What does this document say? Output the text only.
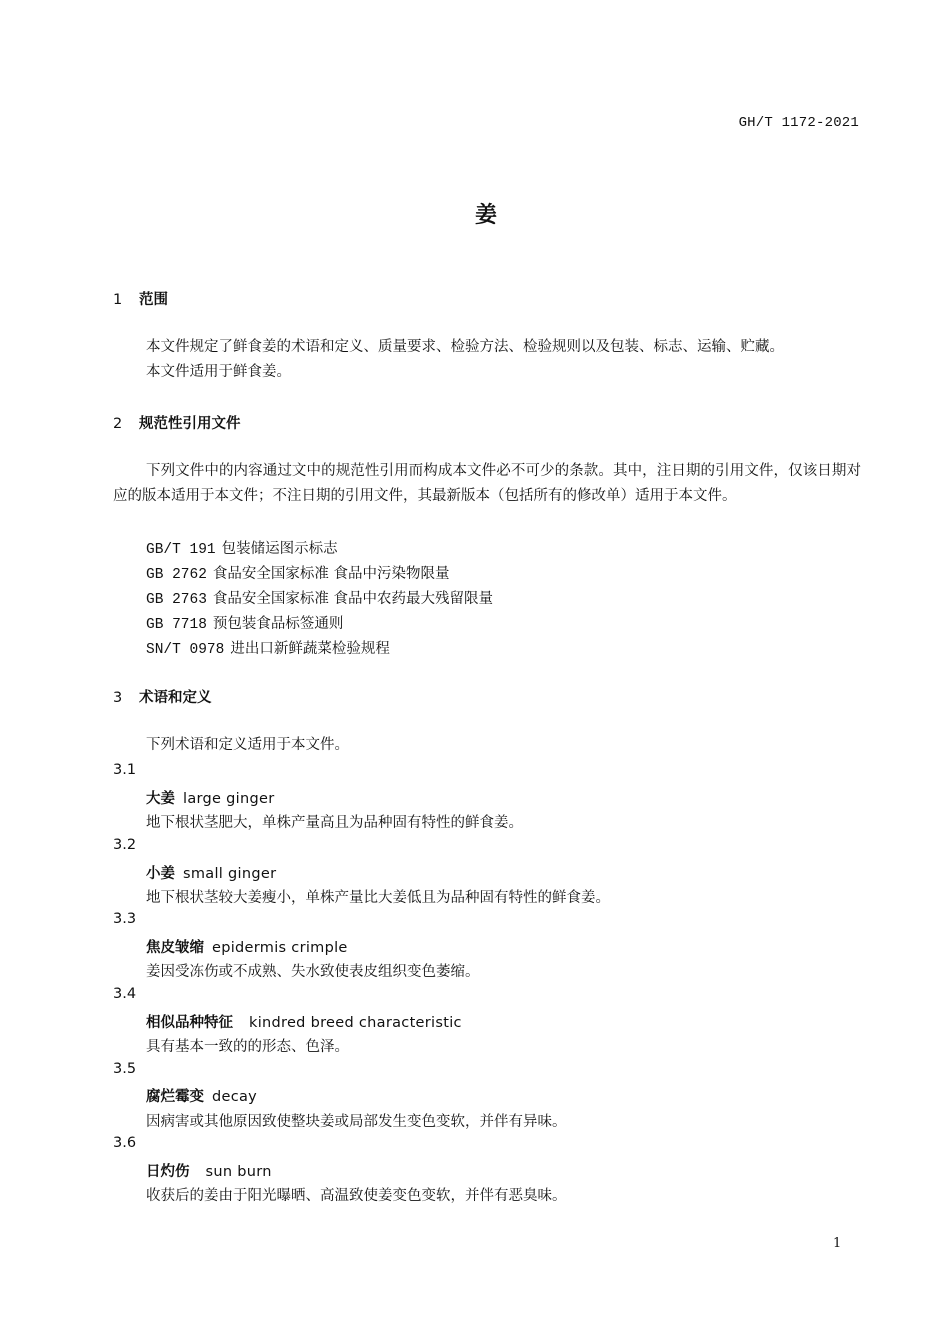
GH/T 1172-2021
姜
1 范围
本文件规定了鲜食姜的术语和定义、质量要求、检验方法、检验规则以及包装、标志、运输、贮藏。
本文件适用于鲜食姜。
2 规范性引用文件
下列文件中的内容通过文中的规范性引用而构成本文件必不可少的条款。其中，注日期的引用文件，仅该日期对应的版本适用于本文件；不注日期的引用文件，其最新版本（包括所有的修改单）适用于本文件。
GB/T 191 包装储运图示标志
GB 2762 食品安全国家标准 食品中污染物限量
GB 2763 食品安全国家标准 食品中农药最大残留限量
GB 7718 预包装食品标签通则
SN/T 0978 进出口新鲜蔬菜检验规程
3 术语和定义
下列术语和定义适用于本文件。
3.1
大姜 large ginger
地下根状茎肥大，单株产量高且为品种固有特性的鲜食姜。
3.2
小姜 small ginger
地下根状茎较大姜瘦小，单株产量比大姜低且为品种固有特性的鲜食姜。
3.3
焦皮皱缩 epidermis crimple
姜因受冻伤或不成熟、失水致使表皮组织变色萎缩。
3.4
相似品种特征 kindred breed characteristic
具有基本一致的的形态、色泽。
3.5
腐烂霉变 decay
因病害或其他原因致使整块姜或局部发生变色变软，并伴有异味。
3.6
日灼伤 sun burn
收获后的姜由于阳光曝晒、高温致使姜变色变软，并伴有恶臭味。
1
